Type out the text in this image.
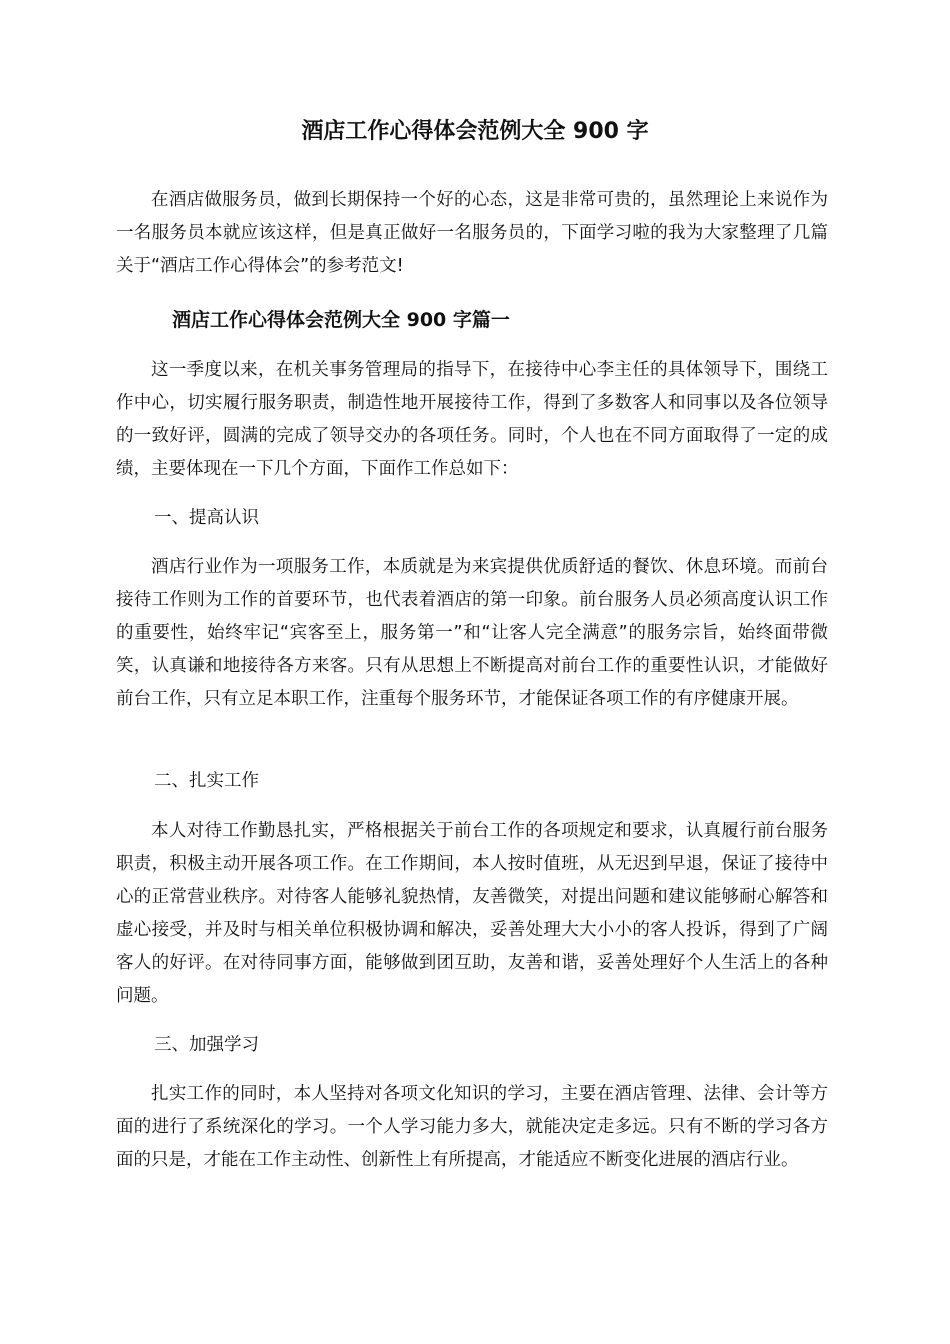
酒店工作心得体会范例大全 900 字

在酒店做服务员，做到长期保持一个好的心态，这是非常可贵的，虽然理论上来说作为一名服务员本就应该这样，但是真正做好一名服务员的，下面学习啦的我为大家整理了几篇关于“酒店工作心得体会”的参考范文!

酒店工作心得体会范例大全 900 字篇一

这一季度以来，在机关事务管理局的指导下，在接待中心李主任的具体领导下，围绕工作中心，切实履行服务职责，制造性地开展接待工作，得到了多数客人和同事以及各位领导的一致好评，圆满的完成了领导交办的各项任务。同时，个人也在不同方面取得了一定的成绩，主要体现在一下几个方面，下面作工作总如下：

一、提高认识

酒店行业作为一项服务工作，本质就是为来宾提供优质舒适的餐饮、休息环境。而前台接待工作则为工作的首要环节，也代表着酒店的第一印象。前台服务人员必须高度认识工作的重要性，始终牢记“宾客至上，服务第一”和“让客人完全满意”的服务宗旨，始终面带微笑，认真谦和地接待各方来客。只有从思想上不断提高对前台工作的重要性认识，才能做好前台工作，只有立足本职工作，注重每个服务环节，才能保证各项工作的有序健康开展。

二、扎实工作

本人对待工作勤恳扎实，严格根据关于前台工作的各项规定和要求，认真履行前台服务职责，积极主动开展各项工作。在工作期间，本人按时值班，从无迟到早退，保证了接待中心的正常营业秩序。对待客人能够礼貌热情，友善微笑，对提出问题和建议能够耐心解答和虚心接受，并及时与相关单位积极协调和解决，妥善处理大大小小的客人投诉，得到了广阔客人的好评。在对待同事方面，能够做到团互助，友善和谐，妥善处理好个人生活上的各种问题。

三、加强学习

扎实工作的同时，本人坚持对各项文化知识的学习，主要在酒店管理、法律、会计等方面的进行了系统深化的学习。一个人学习能力多大，就能决定走多远。只有不断的学习各方面的只是，才能在工作主动性、创新性上有所提高，才能适应不断变化进展的酒店行业。
